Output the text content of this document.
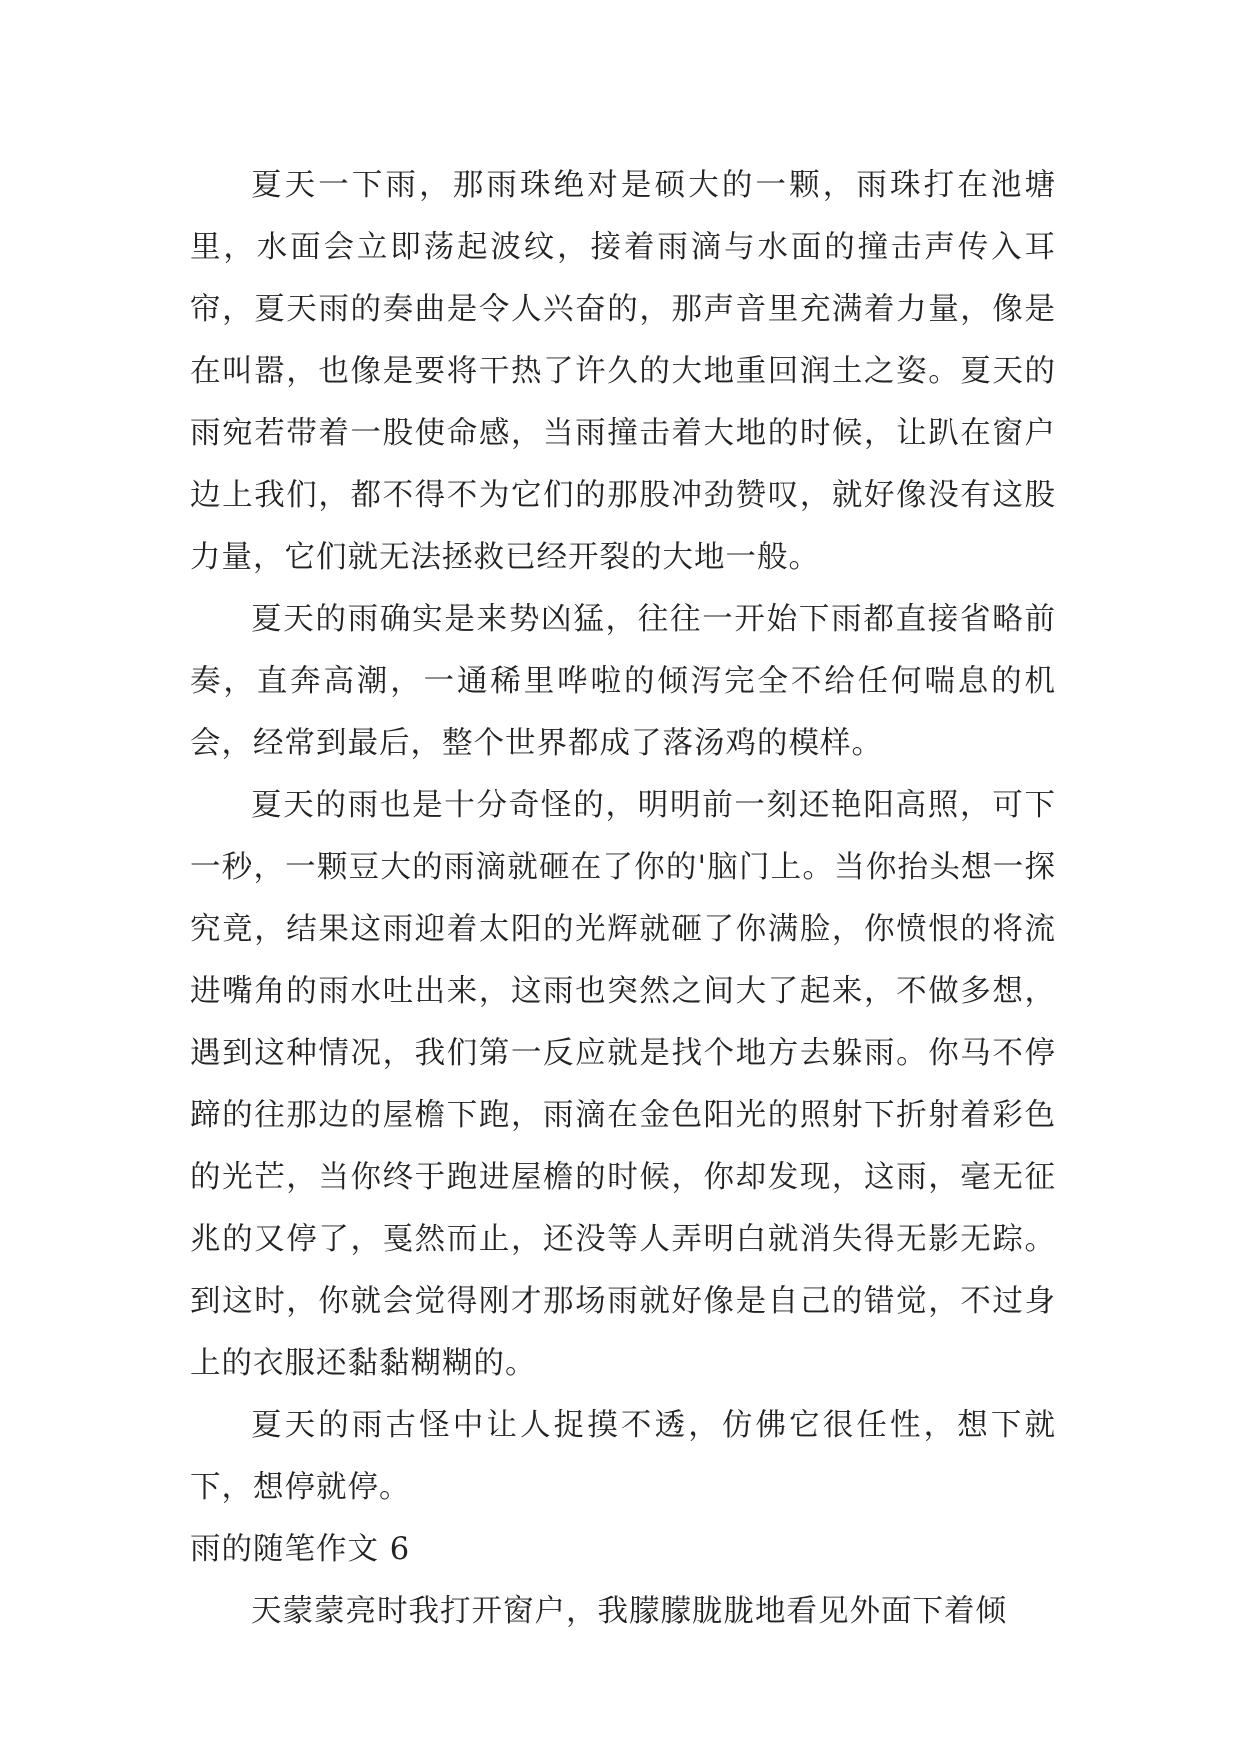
夏天一下雨，那雨珠绝对是硕大的一颗，雨珠打在池塘里，水面会立即荡起波纹，接着雨滴与水面的撞击声传入耳帘，夏天雨的奏曲是令人兴奋的，那声音里充满着力量，像是在叫嚣，也像是要将干热了许久的大地重回润土之姿。夏天的雨宛若带着一股使命感，当雨撞击着大地的时候，让趴在窗户边上我们，都不得不为它们的那股冲劲赞叹，就好像没有这股力量，它们就无法拯救已经开裂的大地一般。

夏天的雨确实是来势凶猛，往往一开始下雨都直接省略前奏，直奔高潮，一通稀里哗啦的倾泻完全不给任何喘息的机会，经常到最后，整个世界都成了落汤鸡的模样。

夏天的雨也是十分奇怪的，明明前一刻还艳阳高照，可下一秒，一颗豆大的雨滴就砸在了你的'脑门上。当你抬头想一探究竟，结果这雨迎着太阳的光辉就砸了你满脸，你愤恨的将流进嘴角的雨水吐出来，这雨也突然之间大了起来，不做多想，遇到这种情况，我们第一反应就是找个地方去躲雨。你马不停蹄的往那边的屋檐下跑，雨滴在金色阳光的照射下折射着彩色的光芒，当你终于跑进屋檐的时候，你却发现，这雨，毫无征兆的又停了，戛然而止，还没等人弄明白就消失得无影无踪。到这时，你就会觉得刚才那场雨就好像是自己的错觉，不过身上的衣服还黏黏糊糊的。

夏天的雨古怪中让人捉摸不透，仿佛它很任性，想下就下，想停就停。

雨的随笔作文 6

天蒙蒙亮时我打开窗户，我朦朦胧胧地看见外面下着倾
